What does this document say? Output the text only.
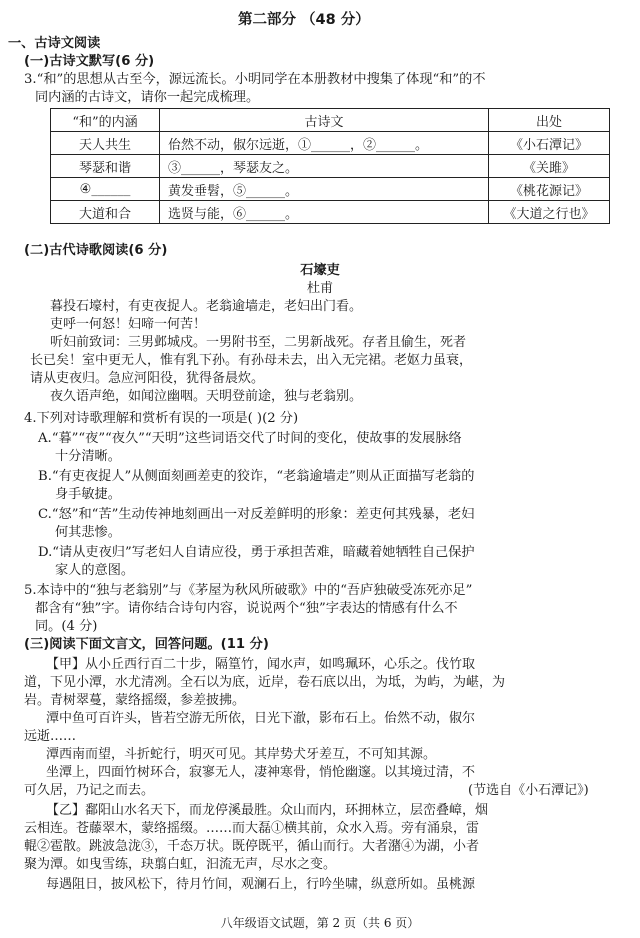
第二部分 （48 分）
一、古诗文阅读
(一)古诗文默写(6 分)
3.“和”的思想从古至今，源远流长。小明同学在本册教材中搜集了体现“和”的不
同内涵的古诗文，请你一起完成梳理。
“和”的内涵	古诗文	出处
天人共生	佁然不动，俶尔远逝，①______，②______。	《小石潭记》
琴瑟和谐	③______，琴瑟友之。	《关雎》
④______	黄发垂髫，⑤______。	《桃花源记》
大道和合	选贤与能，⑥______。	《大道之行也》
(二)古代诗歌阅读(6 分)
石壕吏
杜甫
暮投石壕村，有吏夜捉人。老翁逾墙走，老妇出门看。
吏呼一何怒！妇啼一何苦！
听妇前致词：三男邺城戍。一男附书至，二男新战死。存者且偷生，死者
长已矣！室中更无人，惟有乳下孙。有孙母未去，出入无完裙。老妪力虽衰，
请从吏夜归。急应河阳役，犹得备晨炊。
夜久语声绝，如闻泣幽咽。天明登前途，独与老翁别。
4.下列对诗歌理解和赏析有误的一项是( )(2 分)
A.“暮”“夜”“夜久”“天明”这些词语交代了时间的变化，使故事的发展脉络
十分清晰。
B.“有吏夜捉人”从侧面刻画差吏的狡诈，“老翁逾墙走”则从正面描写老翁的
身手敏捷。
C.“怒”和“苦”生动传神地刻画出一对反差鲜明的形象：差吏何其残暴，老妇
何其悲惨。
D.“请从吏夜归”写老妇人自请应役，勇于承担苦难，暗藏着她牺牲自己保护
家人的意图。
5.本诗中的“独与老翁别”与《茅屋为秋风所破歌》中的“吾庐独破受冻死亦足”
都含有“独”字。请你结合诗句内容，说说两个“独”字表达的情感有什么不
同。(4 分)
(三)阅读下面文言文，回答问题。(11 分)
【甲】从小丘西行百二十步，隔篁竹，闻水声，如鸣珮环，心乐之。伐竹取
道，下见小潭，水尤清冽。全石以为底，近岸，卷石底以出，为坻，为屿，为嵁，为
岩。青树翠蔓，蒙络摇缀，参差披拂。
潭中鱼可百许头，皆若空游无所依，日光下澈，影布石上。佁然不动，俶尔
远逝……
潭西南而望，斗折蛇行，明灭可见。其岸势犬牙差互，不可知其源。
坐潭上，四面竹树环合，寂寥无人，凄神寒骨，悄怆幽邃。以其境过清，不
可久居，乃记之而去。	(节选自《小石潭记》)
【乙】鄱阳山水名天下，而龙停溪最胜。众山而内，环拥林立，层峦叠嶂，烟
云相连。苍藤翠木，蒙络摇缀。……而大磊①横其前，众水入焉。旁有涌泉，雷
輥②雹散。跳波急泷③，千态万状。既停既平，循山而行。大者潴④为湖，小者
聚为潭。如曳雪练，玦翦白虹，汩流无声，尽水之变。
每遇阻日，披风松下，待月竹间，观澜石上，行吟坐啸，纵意所如。虽桃源
八年级语文试题，第 2 页（共 6 页）
